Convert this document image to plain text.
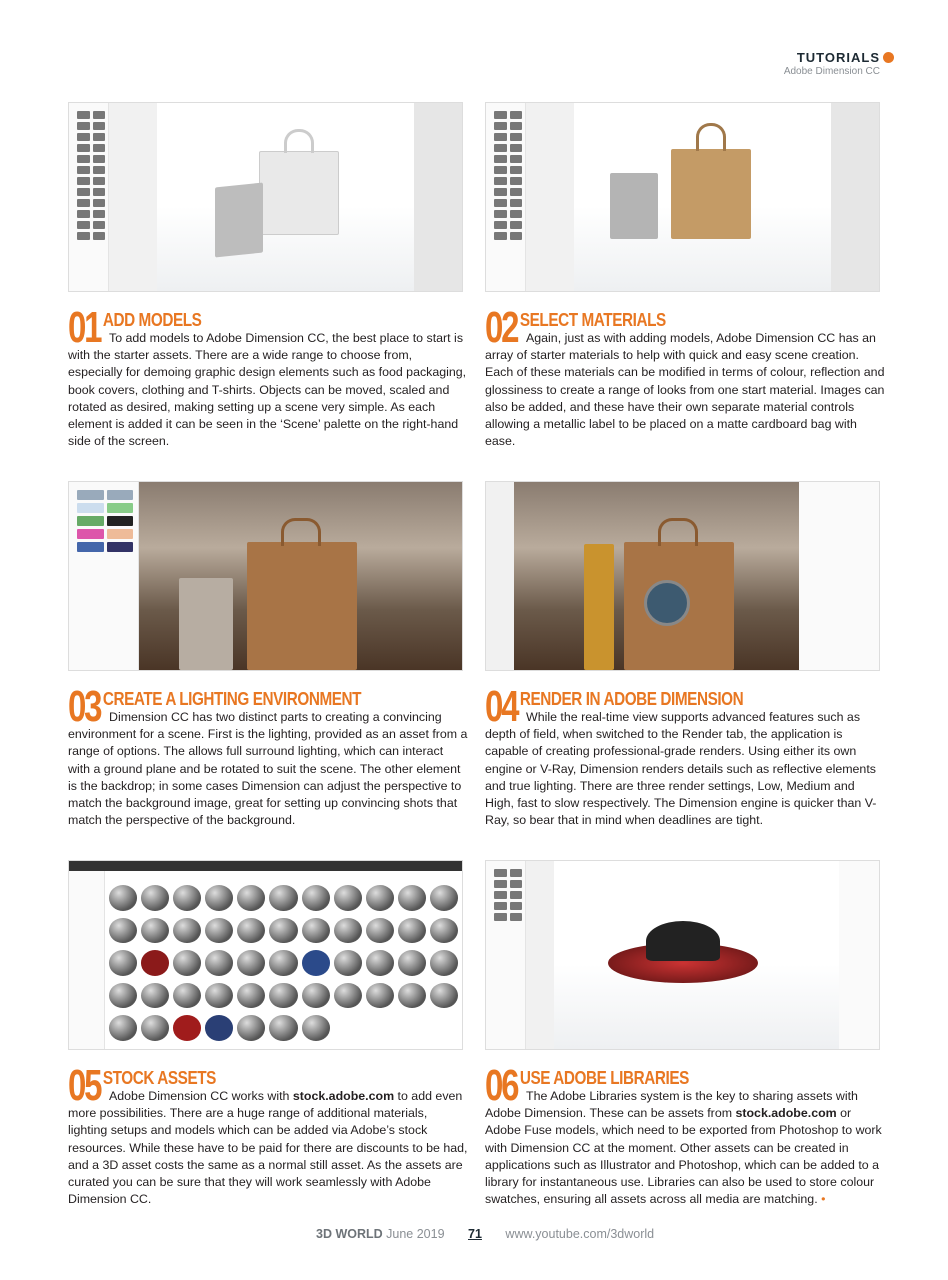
TUTORIALS
Adobe Dimension CC
01 ADD MODELS
To add models to Adobe Dimension CC, the best place to start is with the starter assets. There are a wide range to choose from, especially for demoing graphic design elements such as food packaging, book covers, clothing and T-shirts. Objects can be moved, scaled and rotated as desired, making setting up a scene very simple. As each element is added it can be seen in the ‘Scene’ palette on the right-hand side of the screen.
02 SELECT MATERIALS
Again, just as with adding models, Adobe Dimension CC has an array of starter materials to help with quick and easy scene creation. Each of these materials can be modified in terms of colour, reflection and glossiness to create a range of looks from one start material. Images can also be added, and these have their own separate material controls allowing a metallic label to be placed on a matte cardboard bag with ease.
03 CREATE A LIGHTING ENVIRONMENT
Dimension CC has two distinct parts to creating a convincing environment for a scene. First is the lighting, provided as an asset from a range of options. The allows full surround lighting, which can interact with a ground plane and be rotated to suit the scene. The other element is the backdrop; in some cases Dimension can adjust the perspective to match the background image, great for setting up convincing shots that match the perspective of the background.
04 RENDER IN ADOBE DIMENSION
While the real-time view supports advanced features such as depth of field, when switched to the Render tab, the application is capable of creating professional-grade renders. Using either its own engine or V-Ray, Dimension renders details such as reflective elements and true lighting. There are three render settings, Low, Medium and High, fast to slow respectively. The Dimension engine is quicker than V-Ray, so bear that in mind when deadlines are tight.
05 STOCK ASSETS
Adobe Dimension CC works with stock.adobe.com to add even more possibilities. There are a huge range of additional materials, lighting setups and models which can be added via Adobe’s stock resources. While these have to be paid for there are discounts to be had, and a 3D asset costs the same as a normal still asset. As the assets are curated you can be sure that they will work seamlessly with Adobe Dimension CC.
06 USE ADOBE LIBRARIES
The Adobe Libraries system is the key to sharing assets with Adobe Dimension. These can be assets from stock.adobe.com or Adobe Fuse models, which need to be exported from Photoshop to work with Dimension CC at the moment. Other assets can be created in applications such as Illustrator and Photoshop, which can be added to a library for instantaneous use. Libraries can also be used to store colour swatches, ensuring all assets across all media are matching. •
3D WORLD June 2019 71 www.youtube.com/3dworld
